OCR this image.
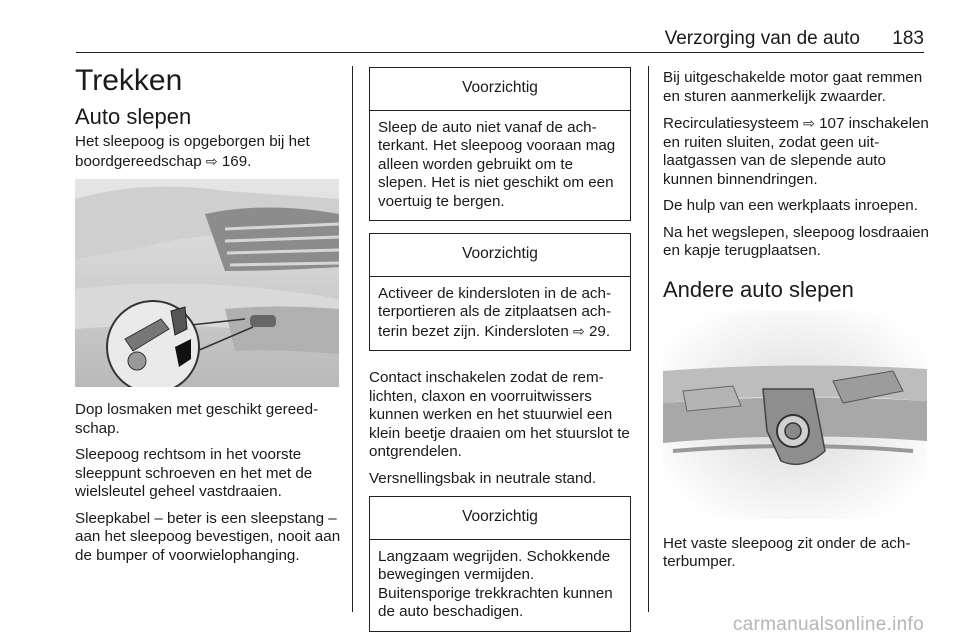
Verzorging van de auto 183
Trekken
Auto slepen

Het sleepoog is opgeborgen bij het boordgereedschap ⇨ 169.

Dop losmaken met geschikt gereedschap.

Sleepoog rechtsom in het voorste sleeppunt schroeven en het met de wielsleutel geheel vastdraaien.

Sleepkabel – beter is een sleepstang – aan het sleepoog bevestigen, nooit aan de bumper of voorwielophanging.

Voorzichtig
Sleep de auto niet vanaf de achterkant. Het sleepoog vooraan mag alleen worden gebruikt om te slepen. Het is niet geschikt om een voertuig te bergen.
Voorzichtig
Activeer de kindersloten in de achterportieren als de zitplaatsen achterin bezet zijn. Kindersloten ⇨ 29.

Contact inschakelen zodat de remlichten, claxon en voorruitwissers kunnen werken en het stuurwiel een klein beetje draaien om het stuurslot te ontgrendelen.

Versnellingsbak in neutrale stand.

Voorzichtig
Langzaam wegrijden. Schokkende bewegingen vermijden. Buitensporige trekkrachten kunnen de auto beschadigen.

Bij uitgeschakelde motor gaat remmen en sturen aanmerkelijk zwaarder.

Recirculatiesysteem ⇨ 107 inschakelen en ruiten sluiten, zodat geen uitlaatgassen van de slepende auto kunnen binnendringen.

De hulp van een werkplaats inroepen.

Na het wegslepen, sleepoog losdraaien en kapje terugplaatsen.

Andere auto slepen

Het vaste sleepoog zit onder de achterbumper.

carmanualsonline.info
